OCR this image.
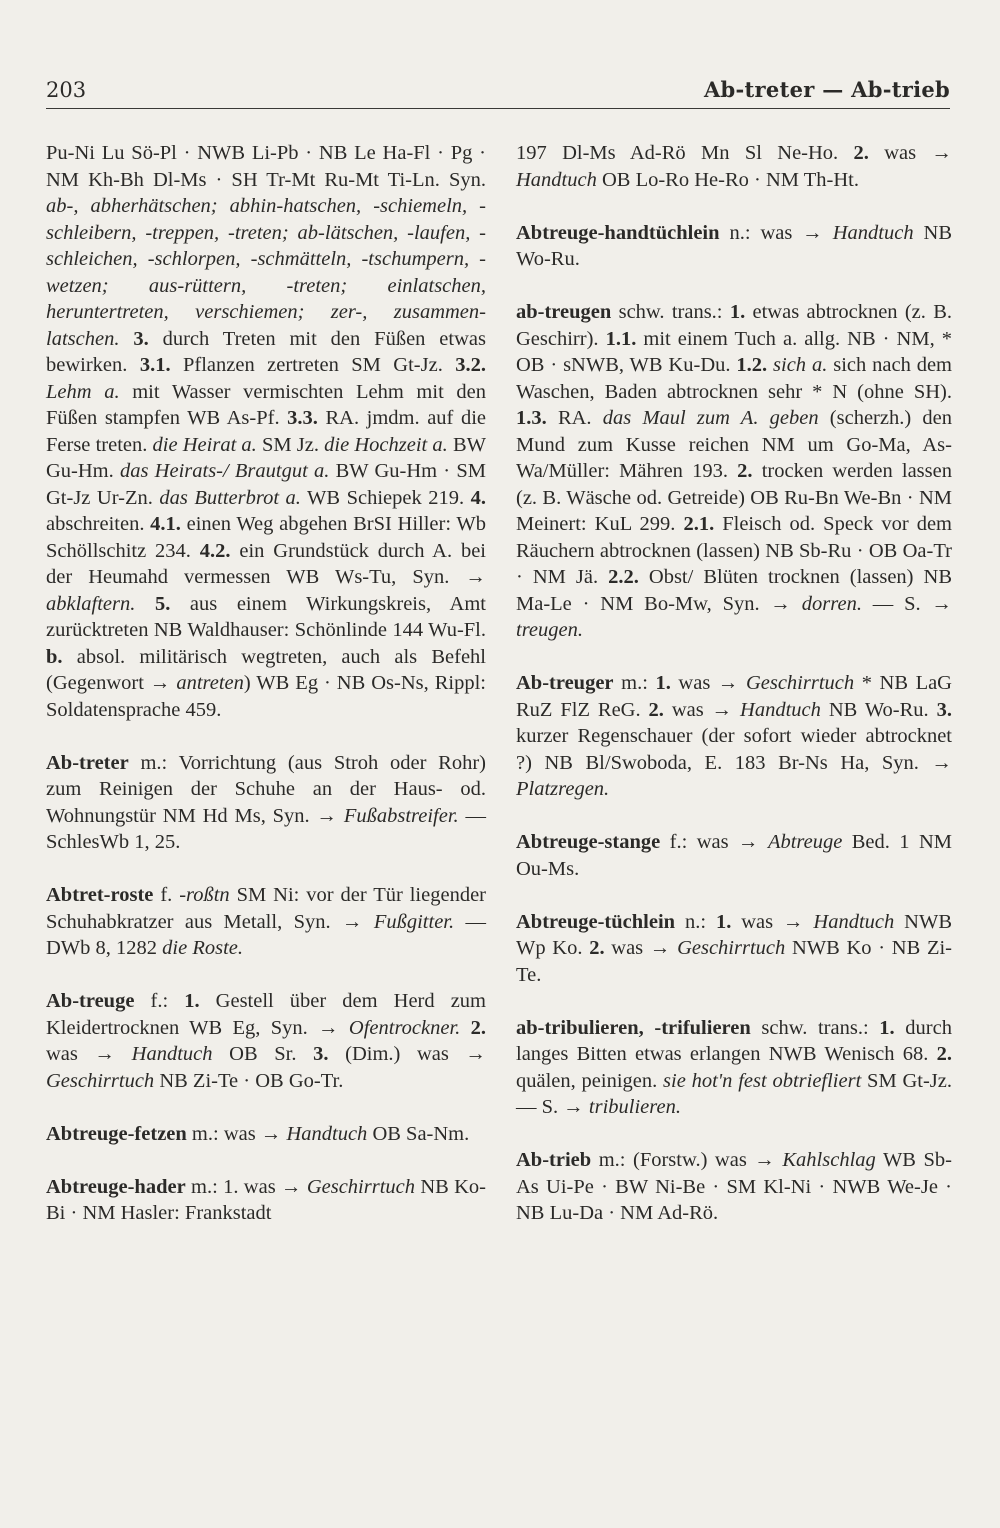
203	Ab-treter — Ab-trieb

Pu-Ni Lu Sö-Pl · NWB Li-Pb · NB Le Ha-Fl · Pg · NM Kh-Bh Dl-Ms · SH Tr-Mt Ru-Mt Ti-Ln. Syn. ab-, abherhätschen; abhin-hatschen, -schiemeln, -schleibern, -treppen, -treten; ab-lätschen, -laufen, -schleichen, -schlorpen, -schmätteln, -tschumpern, -wetzen; aus-rüttern, -treten; einlatschen, heruntertreten, verschiemen; zer-, zusammen-latschen. 3. durch Treten mit den Füßen etwas bewirken. 3.1. Pflanzen zertreten SM Gt-Jz. 3.2. Lehm a. mit Wasser vermischten Lehm mit den Füßen stampfen WB As-Pf. 3.3. RA. jmdm. auf die Ferse treten. die Heirat a. SM Jz. die Hochzeit a. BW Gu-Hm. das Heirats-/ Brautgut a. BW Gu-Hm · SM Gt-Jz Ur-Zn. das Butterbrot a. WB Schiepek 219. 4. abschreiten. 4.1. einen Weg abgehen BrSI Hiller: Wb Schöllschitz 234. 4.2. ein Grundstück durch A. bei der Heumahd vermessen WB Ws-Tu, Syn. → abklaftern. 5. aus einem Wirkungskreis, Amt zurücktreten NB Waldhauser: Schönlinde 144 Wu-Fl. b. absol. militärisch wegtreten, auch als Befehl (Gegenwort → antreten) WB Eg · NB Os-Ns, Rippl: Soldatensprache 459.

Ab-treter m.: Vorrichtung (aus Stroh oder Rohr) zum Reinigen der Schuhe an der Haus- od. Wohnungstür NM Hd Ms, Syn. → Fußabstreifer. — SchlesWb 1, 25.

Abtret-roste f. -roßtn SM Ni: vor der Tür liegender Schuhabkratzer aus Metall, Syn. → Fußgitter. — DWb 8, 1282 die Roste.

Ab-treuge f.: 1. Gestell über dem Herd zum Kleidertrocknen WB Eg, Syn. → Ofentrockner. 2. was → Handtuch OB Sr. 3. (Dim.) was → Geschirrtuch NB Zi-Te · OB Go-Tr.

Abtreuge-fetzen m.: was → Handtuch OB Sa-Nm.

Abtreuge-hader m.: 1. was → Geschirrtuch NB Ko-Bi · NM Hasler: Frankstadt

197 Dl-Ms Ad-Rö Mn Sl Ne-Ho. 2. was → Handtuch OB Lo-Ro He-Ro · NM Th-Ht.

Abtreuge-handtüchlein n.: was → Handtuch NB Wo-Ru.

ab-treugen schw. trans.: 1. etwas abtrocknen (z. B. Geschirr). 1.1. mit einem Tuch a. allg. NB · NM, * OB · sNWB, WB Ku-Du. 1.2. sich a. sich nach dem Waschen, Baden abtrocknen sehr * N (ohne SH). 1.3. RA. das Maul zum A. geben (scherzh.) den Mund zum Kusse reichen NM um Go-Ma, As-Wa/Müller: Mähren 193. 2. trocken werden lassen (z. B. Wäsche od. Getreide) OB Ru-Bn We-Bn · NM Meinert: KuL 299. 2.1. Fleisch od. Speck vor dem Räuchern abtrocknen (lassen) NB Sb-Ru · OB Oa-Tr · NM Jä. 2.2. Obst/ Blüten trocknen (lassen) NB Ma-Le · NM Bo-Mw, Syn. → dorren. — S. → treugen.

Ab-treuger m.: 1. was → Geschirrtuch * NB LaG RuZ FlZ ReG. 2. was → Handtuch NB Wo-Ru. 3. kurzer Regenschauer (der sofort wieder abtrocknet ?) NB Bl/Swoboda, E. 183 Br-Ns Ha, Syn. → Platzregen.

Abtreuge-stange f.: was → Abtreuge Bed. 1 NM Ou-Ms.

Abtreuge-tüchlein n.: 1. was → Handtuch NWB Wp Ko. 2. was → Geschirrtuch NWB Ko · NB Zi-Te.

ab-tribulieren, -trifulieren schw. trans.: 1. durch langes Bitten etwas erlangen NWB Wenisch 68. 2. quälen, peinigen. sie hot'n fest obtriefliert SM Gt-Jz. — S. → tribulieren.

Ab-trieb m.: (Forstw.) was → Kahlschlag WB Sb-As Ui-Pe · BW Ni-Be · SM Kl-Ni · NWB We-Je · NB Lu-Da · NM Ad-Rö.
